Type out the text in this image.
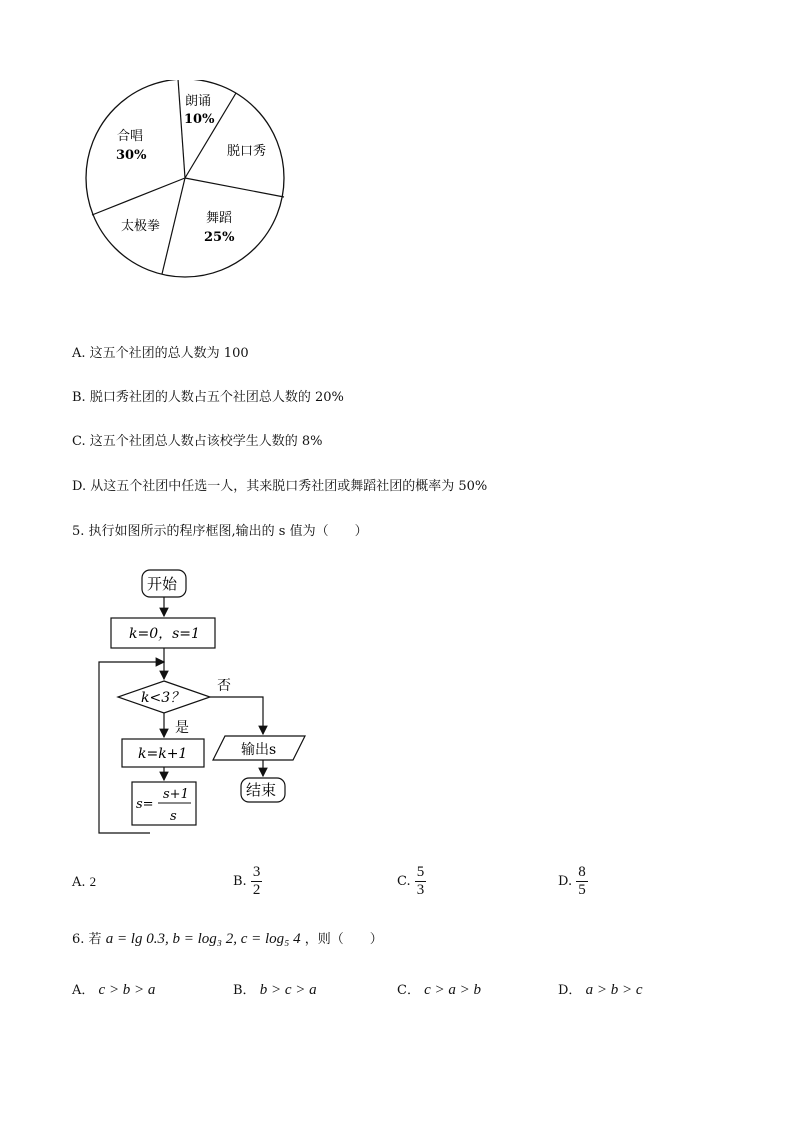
朗诵
10%
脱口秀
舞蹈
25%
太极拳
合唱
30%
A. 这五个社团的总人数为 100
B. 脱口秀社团的人数占五个社团总人数的 20%
C. 这五个社团总人数占该校学生人数的 8%
D. 从这五个社团中任选一人，其来脱口秀社团或舞蹈社团的概率为 50%
5. 执行如图所示的程序框图,输出的 s 值为（　　）
开始
k=0，s=1
k<3？
否
是
k=k+1
s=
s+1
s
输出s
结束
A. 2	B. $\frac{3}{2}$	C. $\frac{5}{3}$	D. $\frac{8}{5}$
6. 若 a = lg 0.3, b = log₃ 2, c = log₅ 4 ，则（　　）
A． c > b > a	B． b > c > a	C． c > a > b	D． a > b > c
